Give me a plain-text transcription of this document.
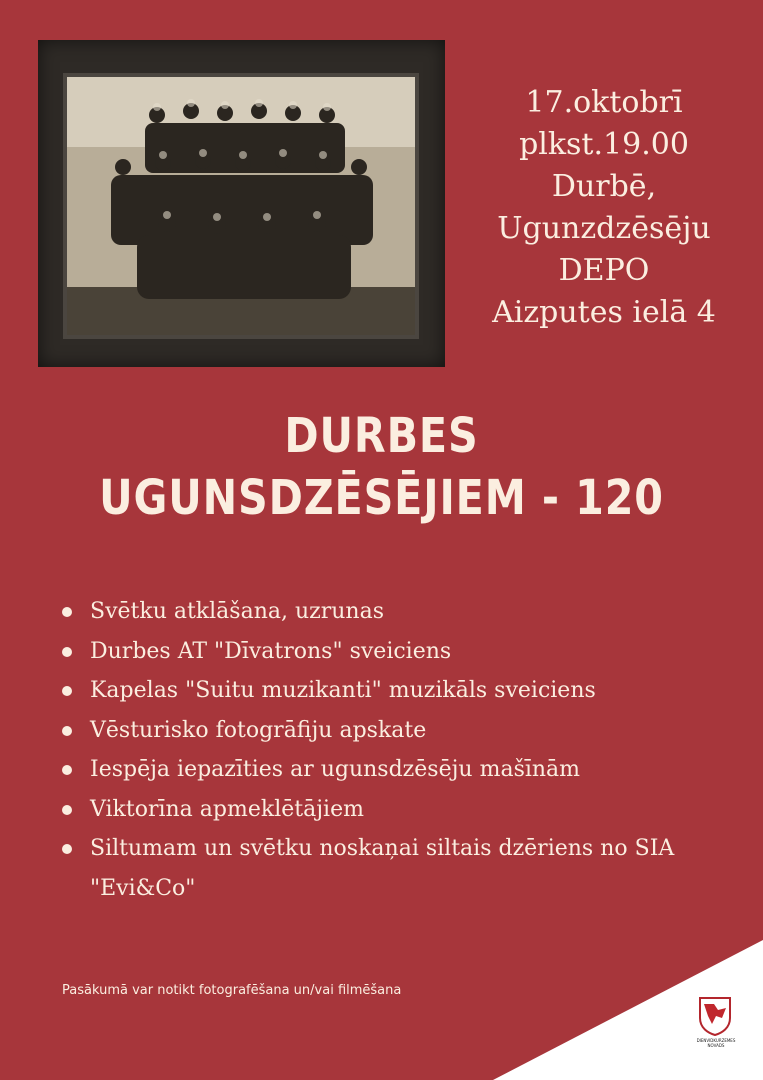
17.oktobrī
plkst.19.00
Durbē,
Ugunzdzēsēju
DEPO
Aizputes ielā 4
DURBES
UGUNSDZĒSĒJIEM - 120
Svētku atklāšana, uzrunas
Durbes AT "Dīvatrons" sveiciens
Kapelas "Suitu muzikanti" muzikāls sveiciens
Vēsturisko fotogrāfiju apskate
Iespēja iepazīties ar ugunsdzēsēju mašīnām
Viktorīna apmeklētājiem
Siltumam un svētku noskaņai siltais dzēriens no SIA "Evi&Co"
Pasākumā var notikt fotografēšana un/vai filmēšana
DIENVIDKURZEMES NOVADS
